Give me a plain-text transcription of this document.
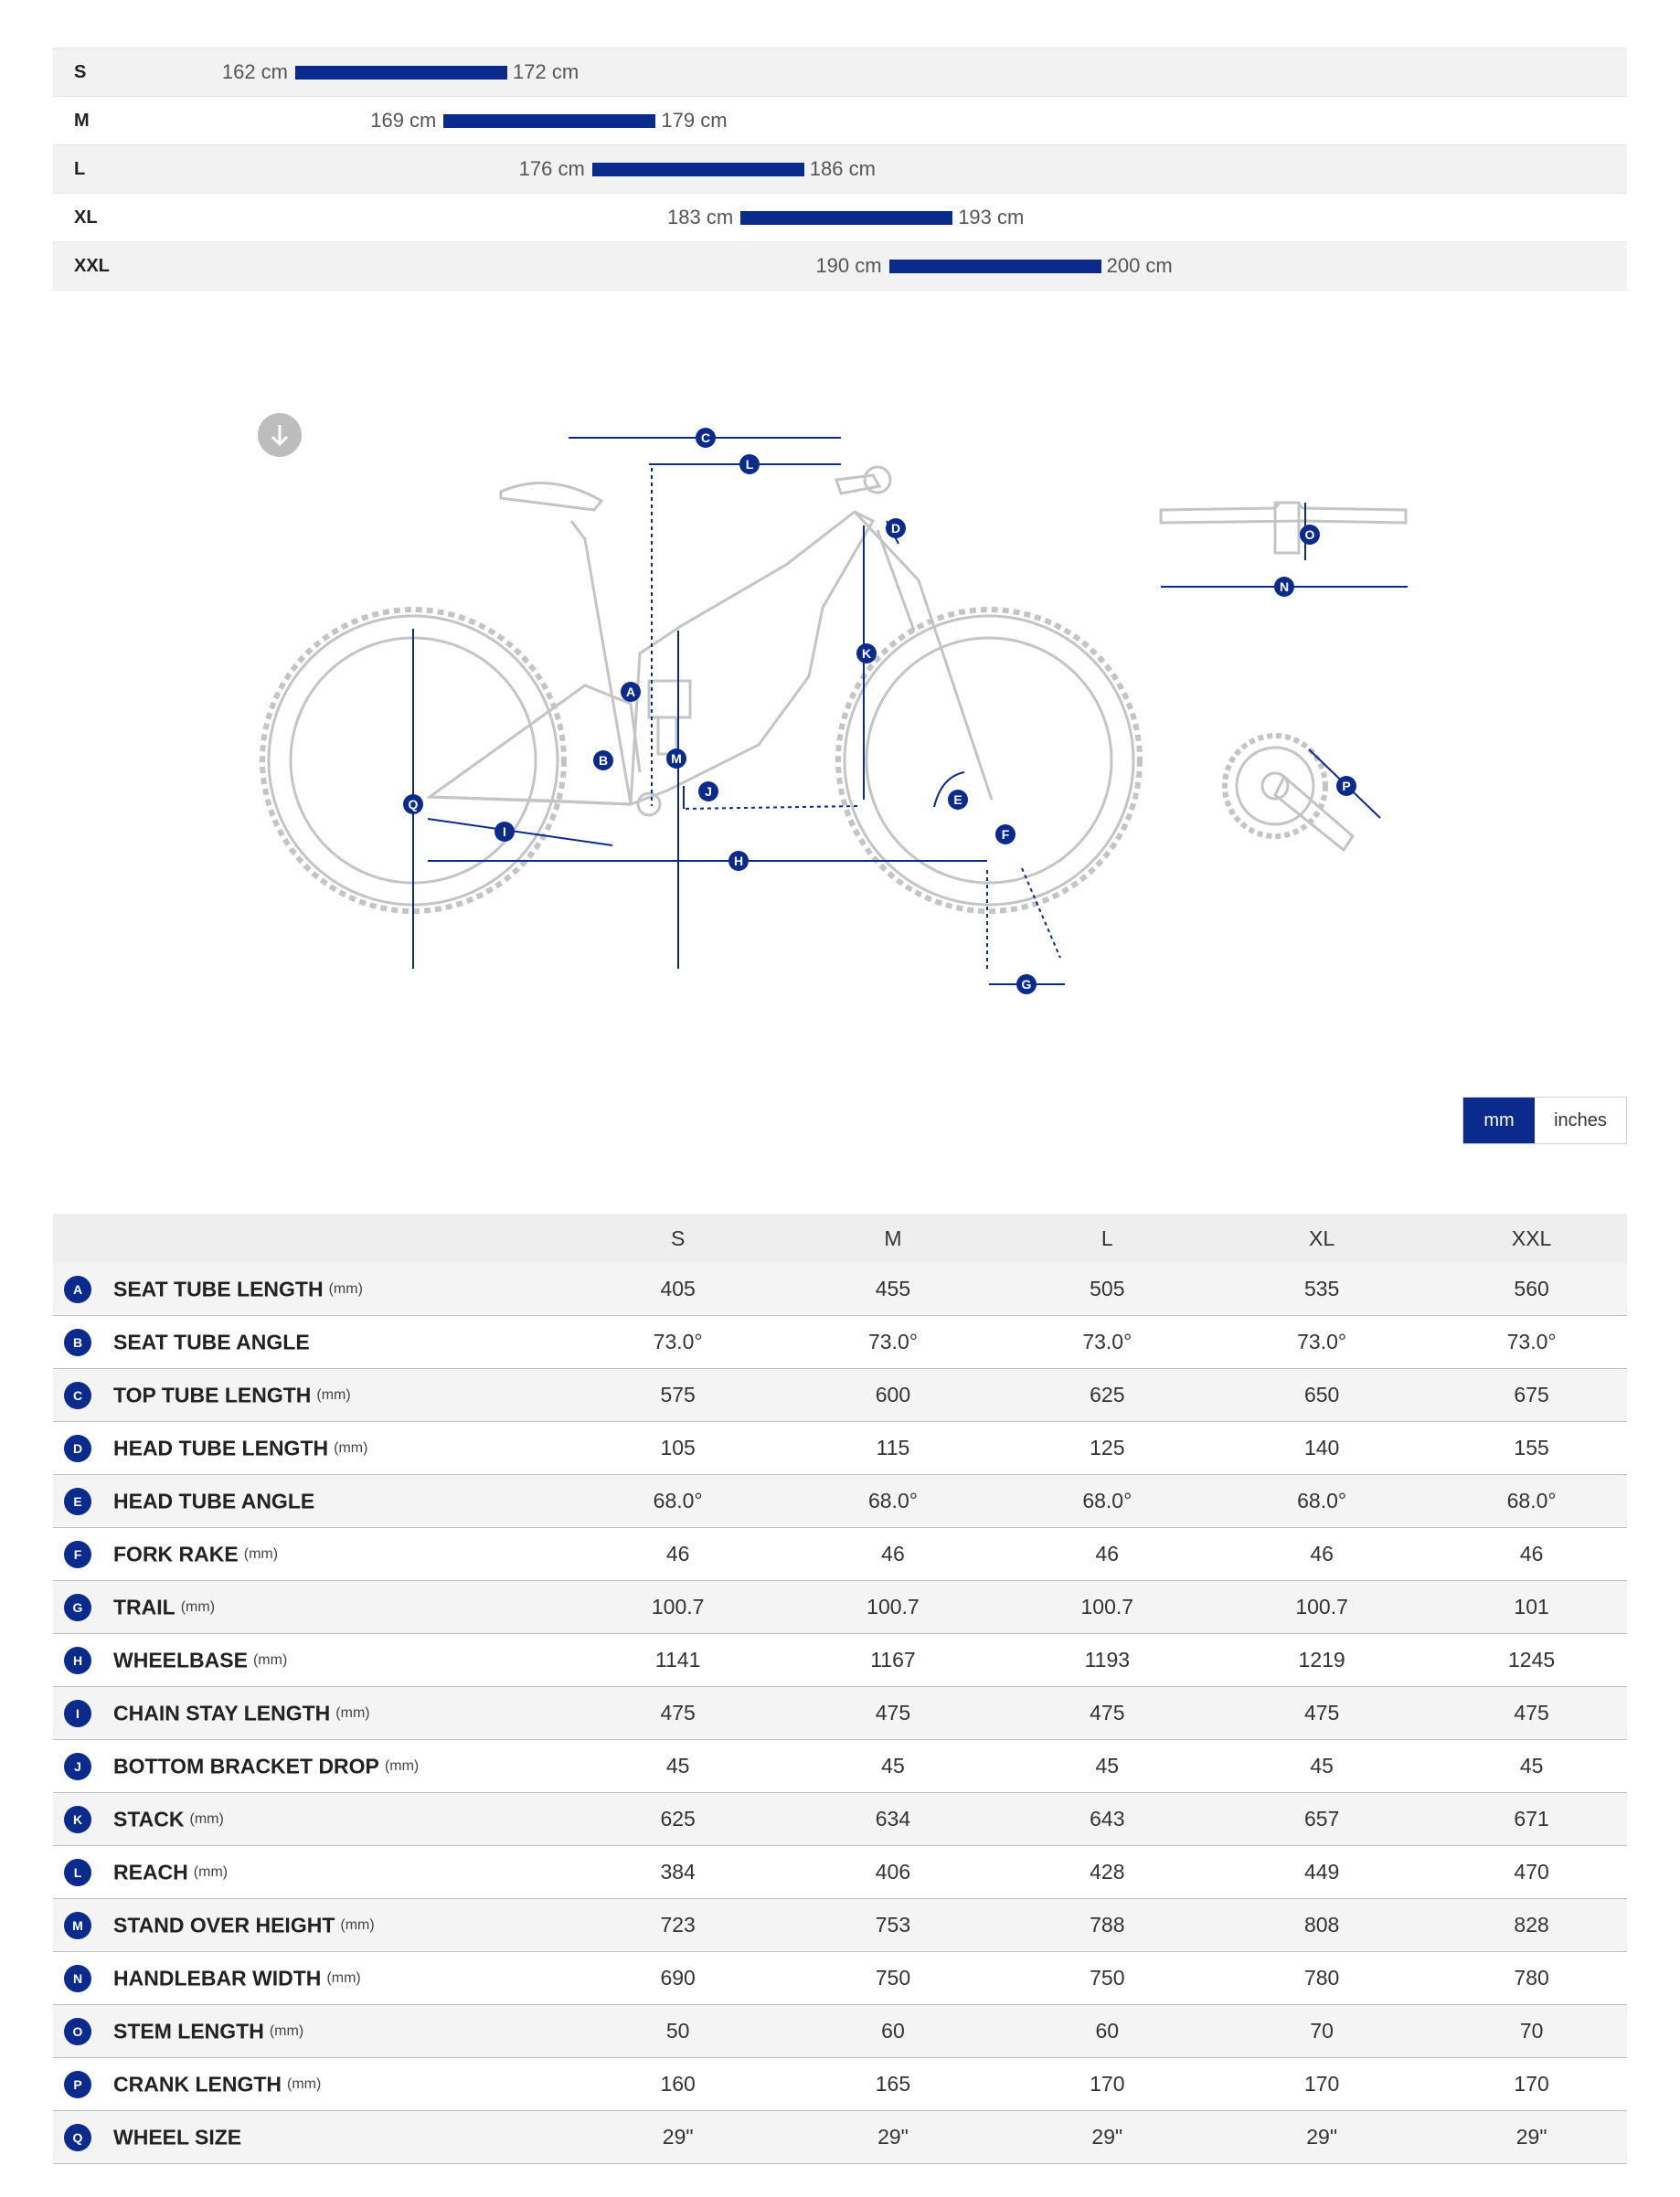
S	162 cm	172 cm
M	169 cm	179 cm
L	176 cm	186 cm
XL	183 cm	193 cm
XXL	190 cm	200 cm
A
B
C
D
E
F
G
H
I
J
K
L
M
N
O
P
Q
mm	inches
	S	M	L	XL	XXL
A SEAT TUBE LENGTH (mm)	405	455	505	535	560
B SEAT TUBE ANGLE	73.0°	73.0°	73.0°	73.0°	73.0°
C TOP TUBE LENGTH (mm)	575	600	625	650	675
D HEAD TUBE LENGTH (mm)	105	115	125	140	155
E HEAD TUBE ANGLE	68.0°	68.0°	68.0°	68.0°	68.0°
F FORK RAKE (mm)	46	46	46	46	46
G TRAIL (mm)	100.7	100.7	100.7	100.7	101
H WHEELBASE (mm)	1141	1167	1193	1219	1245
I CHAIN STAY LENGTH (mm)	475	475	475	475	475
J BOTTOM BRACKET DROP (mm)	45	45	45	45	45
K STACK (mm)	625	634	643	657	671
L REACH (mm)	384	406	428	449	470
M STAND OVER HEIGHT (mm)	723	753	788	808	828
N HANDLEBAR WIDTH (mm)	690	750	750	780	780
O STEM LENGTH (mm)	50	60	60	70	70
P CRANK LENGTH (mm)	160	165	170	170	170
Q WHEEL SIZE	29"	29"	29"	29"	29"
